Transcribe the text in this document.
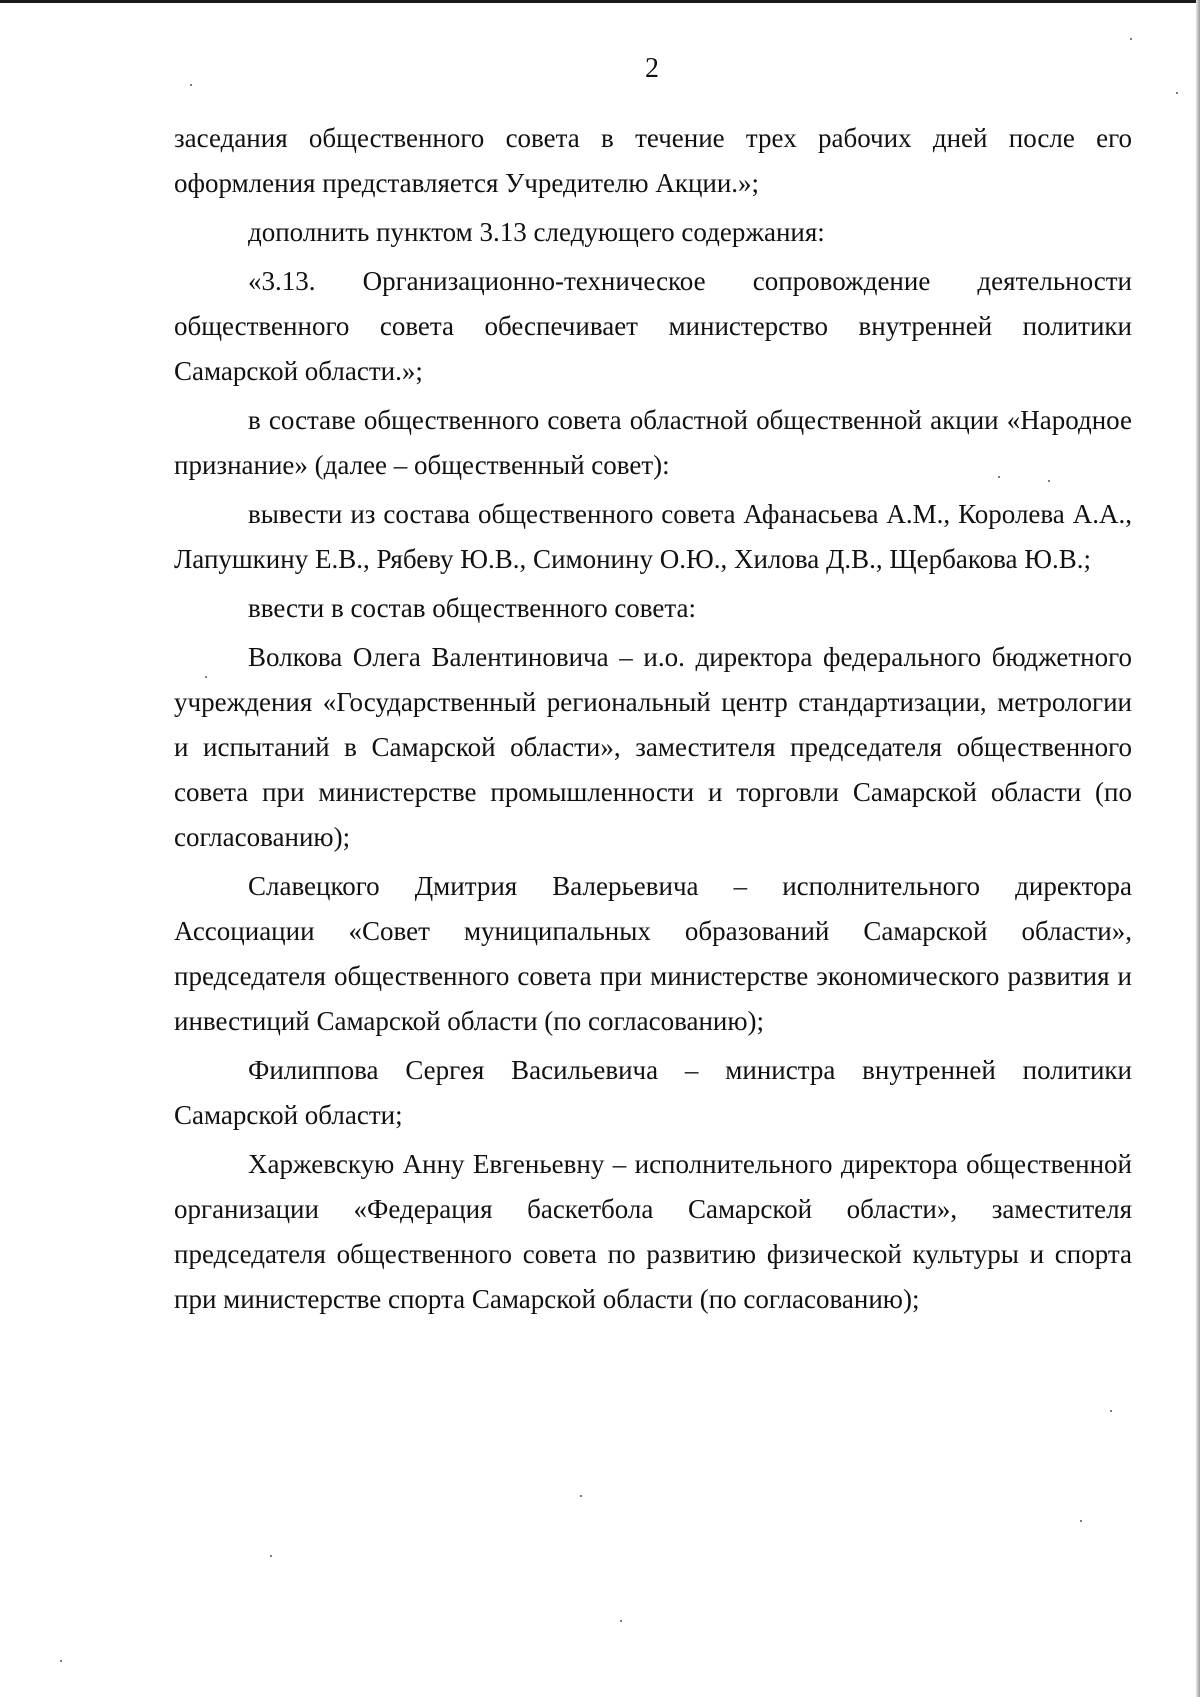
2

заседания общественного совета в течение трех рабочих дней после его оформления представляется Учредителю Акции.»;

дополнить пунктом 3.13 следующего содержания:

«3.13. Организационно-техническое сопровождение деятельности общественного совета обеспечивает министерство внутренней политики Самарской области.»;

в составе общественного совета областной общественной акции «Народное признание» (далее – общественный совет):

вывести из состава общественного совета Афанасьева А.М., Королева А.А., Лапушкину Е.В., Рябеву Ю.В., Симонину О.Ю., Хилова Д.В., Щербакова Ю.В.;

ввести в состав общественного совета:

Волкова Олега Валентиновича – и.о. директора федерального бюджетного учреждения «Государственный региональный центр стандартизации, метрологии и испытаний в Самарской области», заместителя председателя общественного совета при министерстве промышленности и торговли Самарской области (по согласованию);

Славецкого Дмитрия Валерьевича – исполнительного директора Ассоциации «Совет муниципальных образований Самарской области», председателя общественного совета при министерстве экономического развития и инвестиций Самарской области (по согласованию);

Филиппова Сергея Васильевича – министра внутренней политики Самарской области;

Харжевскую Анну Евгеньевну – исполнительного директора общественной организации «Федерация баскетбола Самарской области», заместителя председателя общественного совета по развитию физической культуры и спорта при министерстве спорта Самарской области (по согласованию);
